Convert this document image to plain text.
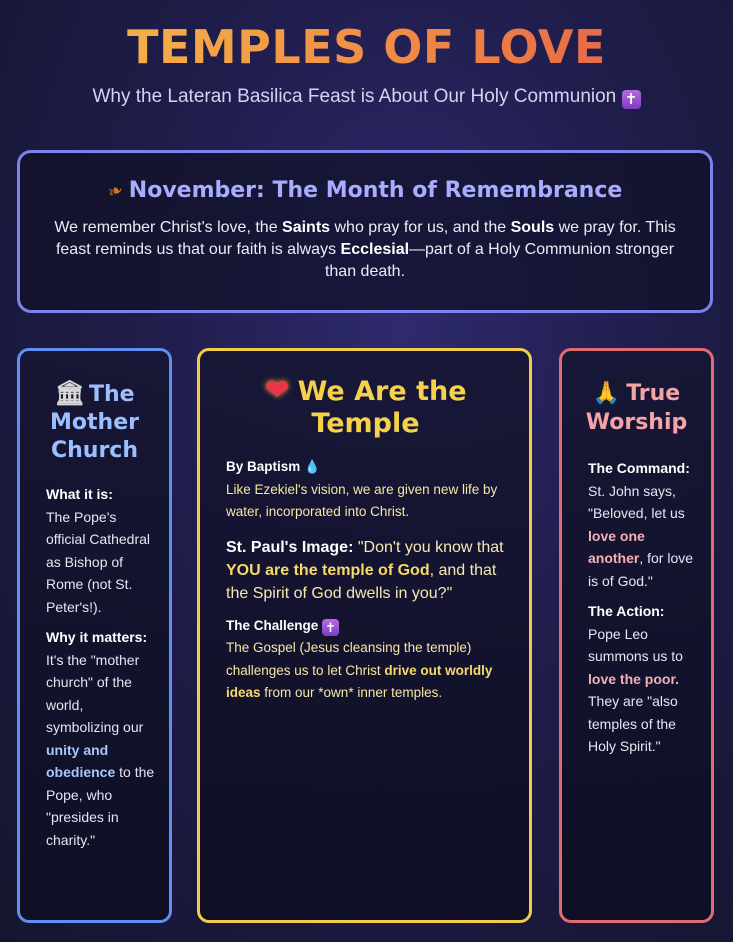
TEMPLES OF LOVE
Why the Lateran Basilica Feast is About Our Holy Communion ✝
❧ November: The Month of Remembrance

We remember Christ's love, the Saints who pray for us, and the Souls we pray for. This feast reminds us that our faith is always Ecclesial—part of a Holy Communion stronger than death.

🏛 The Mother Church

What it is:
The Pope's official Cathedral as Bishop of Rome (not St. Peter's!).

Why it matters: It's the "mother church" of the world, symbolizing our unity and obedience to the Pope, who "presides in charity."

❤ We Are the Temple

By Baptism 💧
Like Ezekiel's vision, we are given new life by water, incorporated into Christ.

St. Paul's Image: "Don't you know that YOU are the temple of God, and that the Spirit of God dwells in you?"

The Challenge ✝
The Gospel (Jesus cleansing the temple) challenges us to let Christ drive out worldly ideas from our *own* inner temples.

🙏 True Worship

The Command: St. John says, "Beloved, let us love one another, for love is of God."

The Action: Pope Leo summons us to love the poor. They are "also temples of the Holy Spirit."
